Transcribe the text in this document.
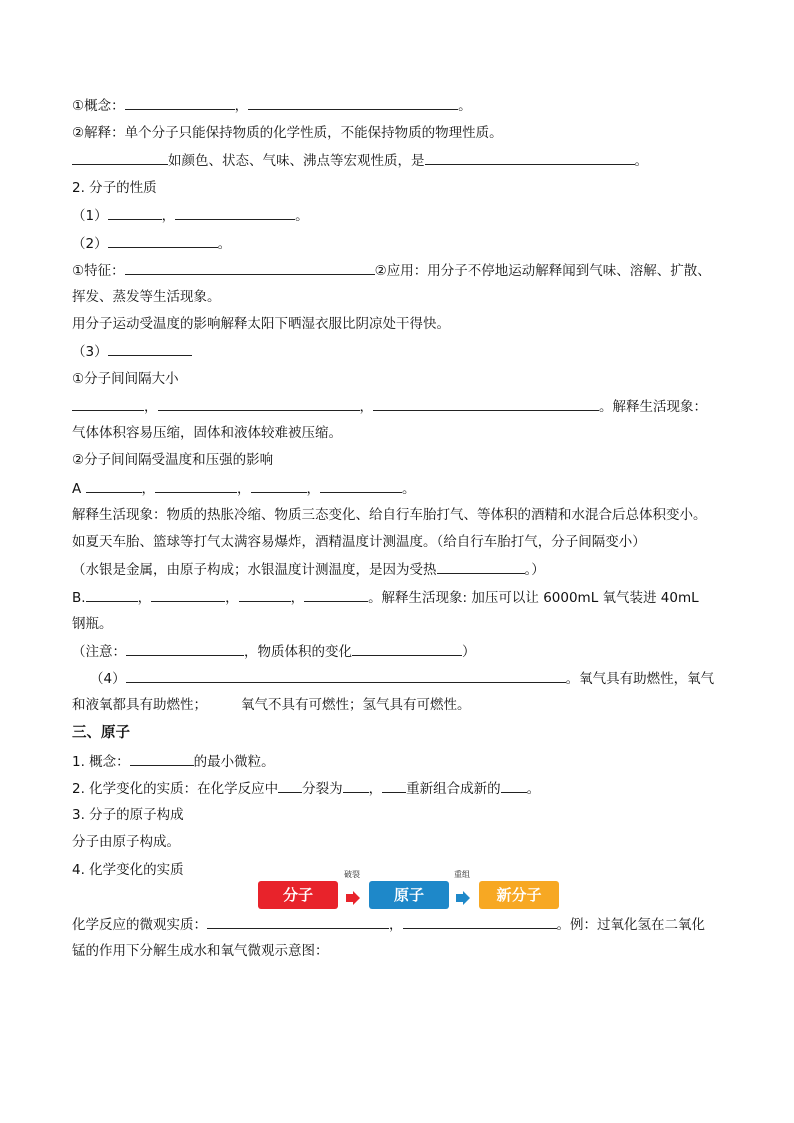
①概念：	，	。
②解释：单个分子只能保持物质的化学性质，不能保持物质的物理性质。
如颜色、状态、气味、沸点等宏观性质，是	。
2. 分子的性质
（1）	，	。
（2）	。
①特征：	②应用：用分子不停地运动解释闻到气味、溶解、扩散、
挥发、蒸发等生活现象。
用分子运动受温度的影响解释太阳下晒湿衣服比阴凉处干得快。
（3）
①分子间间隔大小
，	，	。解释生活现象：
气体体积容易压缩，固体和液体较难被压缩。
②分子间间隔受温度和压强的影响
A	，	，	，	。
解释生活现象：物质的热胀冷缩、物质三态变化、给自行车胎打气、等体积的酒精和水混合后总体积变小。
如夏天车胎、篮球等打气太满容易爆炸，酒精温度计测温度。（给自行车胎打气，分子间隔变小）
（水银是金属，由原子构成；水银温度计测温度，是因为受热	。）
B.	，	，	，	。解释生活现象: 加压可以让 6000mL 氧气装进 40mL
钢瓶。
（注意：	，物质体积的变化	）
（4）	。氧气具有助燃性，氧气
和液氧都具有助燃性；	氧气不具有可燃性；氢气具有可燃性。
三、原子
1. 概念：	的最小微粒。
2. 化学变化的实质：在化学反应中 分裂为 ， 重新组合成新的 。
3. 分子的原子构成
分子由原子构成。
4. 化学变化的实质
分子
破裂
原子
重组
新分子
化学反应的微观实质：	，	。例：过氧化氢在二氧化
锰的作用下分解生成水和氧气微观示意图：
